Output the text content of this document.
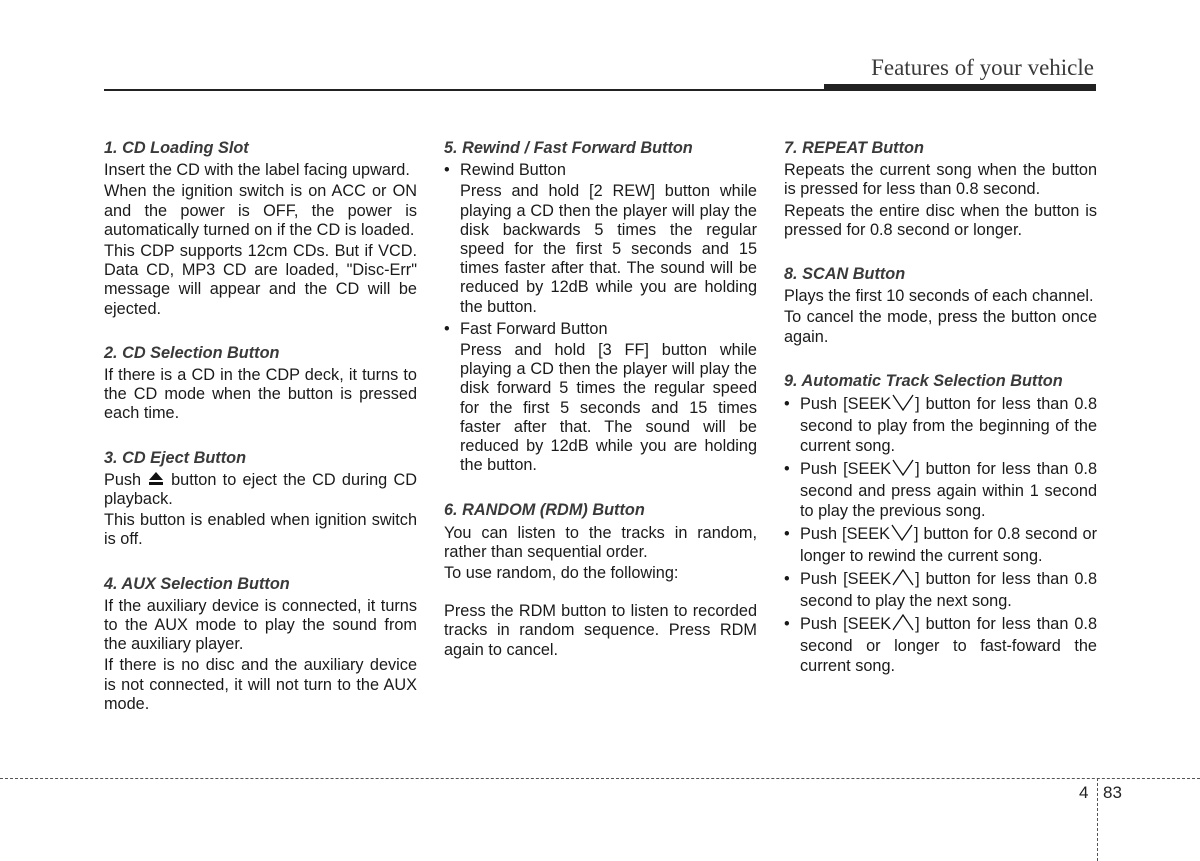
Features of your vehicle
1. CD Loading Slot
Insert the CD with the label facing upward.
When the ignition switch is on ACC or ON and the power is OFF, the power is automatically turned on if the CD is loaded.
This CDP supports 12cm CDs. But if VCD. Data CD, MP3 CD are loaded, "Disc-Err" message will appear and the CD will be ejected.
2. CD Selection Button
If there is a CD in the CDP deck, it turns to the CD mode when the button is pressed each time.
3. CD Eject Button
Push button to eject the CD during CD playback.
This button is enabled when ignition switch is off.
4. AUX Selection Button
If the auxiliary device is connected, it turns to the AUX mode to play the sound from the auxiliary player.
If there is no disc and the auxiliary device is not connected, it will not turn to the AUX mode.
5. Rewind / Fast Forward Button
• Rewind Button
Press and hold [2 REW] button while playing a CD then the player will play the disk backwards 5 times the regular speed for the first 5 seconds and 15 times faster after that. The sound will be reduced by 12dB while you are holding the button.
• Fast Forward Button
Press and hold [3 FF] button while playing a CD then the player will play the disk forward 5 times the regular speed for the first 5 seconds and 15 times faster after that. The sound will be reduced by 12dB while you are holding the button.
6. RANDOM (RDM) Button
You can listen to the tracks in random, rather than sequential order.
To use random, do the following:
Press the RDM button to listen to recorded tracks in random sequence. Press RDM again to cancel.
7. REPEAT Button
Repeats the current song when the button is pressed for less than 0.8 second.
Repeats the entire disc when the button is pressed for 0.8 second or longer.
8. SCAN Button
Plays the first 10 seconds of each channel.
To cancel the mode, press the button once again.
9. Automatic Track Selection Button
• Push [SEEK ] button for less than 0.8 second to play from the beginning of the current song.
• Push [SEEK ] button for less than 0.8 second and press again within 1 second to play the previous song.
• Push [SEEK ] button for 0.8 second or longer to rewind the current song.
• Push [SEEK ] button for less than 0.8 second to play the next song.
• Push [SEEK ] button for less than 0.8 second or longer to fast-foward the current song.
4 83
